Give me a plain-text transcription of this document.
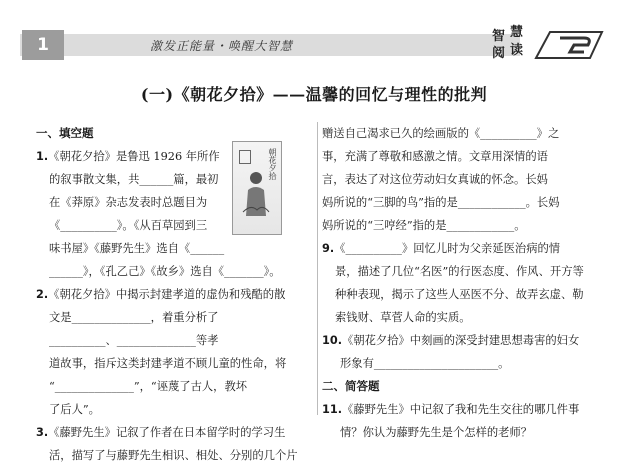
1	激发正能量・唤醒大智慧
智 慧
阅 读
(一)《朝花夕拾》——温馨的回忆与理性的批判
一、填空题
1.《朝花夕拾》是鲁迅 1926 年所作
的叙事散文集，共______篇，最初
在《莽原》杂志发表时总题目为
《__________》。《从百草园到三
味书屋》《藤野先生》选自《______
______》，《孔乙己》《故乡》选自《_______》。
2.《朝花夕拾》中揭示封建孝道的虚伪和残酷的散
文是______________，着重分析了
__________、______________等孝
道故事，指斥这类封建孝道不顾儿童的性命，将
“______________”，“诬蔑了古人，教坏
了后人”。
3.《藤野先生》记叙了作者在日本留学时的学习生
活，描写了与藤野先生相识、相处、分别的几个片
朝花夕拾
赠送自己渴求已久的绘画版的《__________》之
事，充满了尊敬和感激之情。文章用深情的语
言，表达了对这位劳动妇女真诚的怀念。长妈
妈所说的“三脚的鸟”指的是____________。长妈
妈所说的“三哼经”指的是____________。
9.《__________》回忆儿时为父亲延医治病的情
景，描述了几位“名医”的行医态度、作风、开方等
种种表现，揭示了这些人巫医不分、故弄玄虚、勒
索钱财、草菅人命的实质。
10.《朝花夕拾》中刻画的深受封建思想毒害的妇女
形象有______________________。
二、简答题
11.《藤野先生》中记叙了我和先生交往的哪几件事
情？你认为藤野先生是个怎样的老师？
